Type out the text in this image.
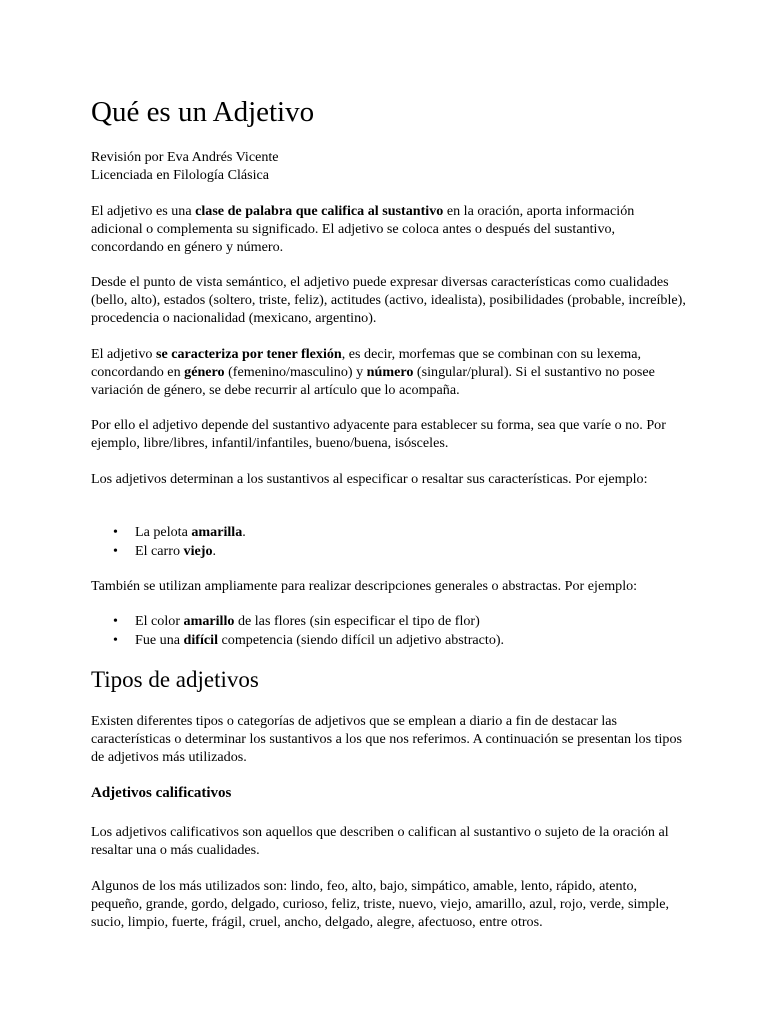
Qué es un Adjetivo

Revisión por Eva Andrés Vicente
Licenciada en Filología Clásica

El adjetivo es una clase de palabra que califica al sustantivo en la oración, aporta información adicional o complementa su significado. El adjetivo se coloca antes o después del sustantivo, concordando en género y número.

Desde el punto de vista semántico, el adjetivo puede expresar diversas características como cualidades (bello, alto), estados (soltero, triste, feliz), actitudes (activo, idealista), posibilidades (probable, increíble), procedencia o nacionalidad (mexicano, argentino).

El adjetivo se caracteriza por tener flexión, es decir, morfemas que se combinan con su lexema, concordando en género (femenino/masculino) y número (singular/plural). Si el sustantivo no posee variación de género, se debe recurrir al artículo que lo acompaña.

Por ello el adjetivo depende del sustantivo adyacente para establecer su forma, sea que varíe o no. Por ejemplo, libre/libres, infantil/infantiles, bueno/buena, isósceles.

Los adjetivos determinan a los sustantivos al especificar o resaltar sus características. Por ejemplo:

• La pelota amarilla.
• El carro viejo.

También se utilizan ampliamente para realizar descripciones generales o abstractas. Por ejemplo:

• El color amarillo de las flores (sin especificar el tipo de flor)
• Fue una difícil competencia (siendo difícil un adjetivo abstracto).
Tipos de adjetivos

Existen diferentes tipos o categorías de adjetivos que se emplean a diario a fin de destacar las características o determinar los sustantivos a los que nos referimos. A continuación se presentan los tipos de adjetivos más utilizados.

Adjetivos calificativos

Los adjetivos calificativos son aquellos que describen o califican al sustantivo o sujeto de la oración al resaltar una o más cualidades.

Algunos de los más utilizados son: lindo, feo, alto, bajo, simpático, amable, lento, rápido, atento, pequeño, grande, gordo, delgado, curioso, feliz, triste, nuevo, viejo, amarillo, azul, rojo, verde, simple, sucio, limpio, fuerte, frágil, cruel, ancho, delgado, alegre, afectuoso, entre otros.
